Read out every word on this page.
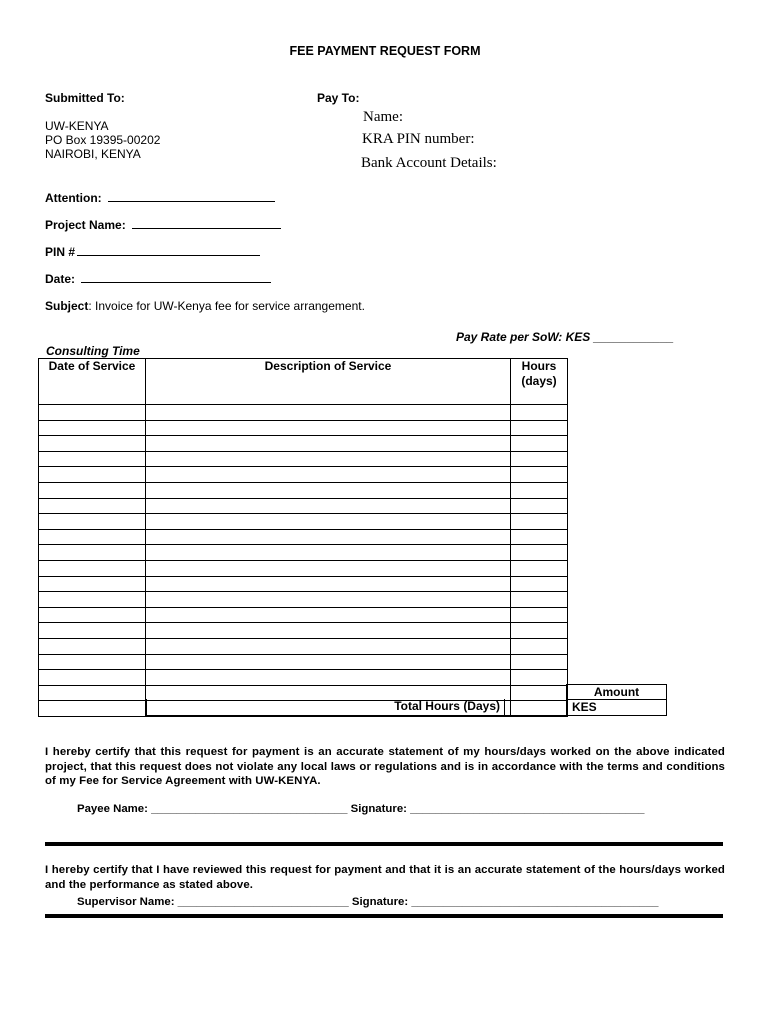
FEE PAYMENT REQUEST FORM
Submitted To:
UW-KENYA
PO Box 19395-00202
NAIROBI, KENYA
Pay To:
Name:
KRA PIN number:
Bank Account Details:
Attention:
Project Name:
PIN #
Date:
Subject: Invoice for UW-Kenya fee for service arrangement.
Pay Rate per SoW: KES ____________
Consulting Time
Date of Service	Description of Service	Hours (days)

Total Hours (Days)
Amount
KES
I hereby certify that this request for payment is an accurate statement of my hours/days worked on the above indicated project, that this request does not violate any local laws or regulations and is in accordance with the terms and conditions of my Fee for Service Agreement with UW-KENYA.
Payee Name: _______________________________ Signature: _____________________________________
I hereby certify that I have reviewed this request for payment and that it is an accurate statement of the hours/days worked and the performance as stated above.
Supervisor Name: ___________________________ Signature: _______________________________________
